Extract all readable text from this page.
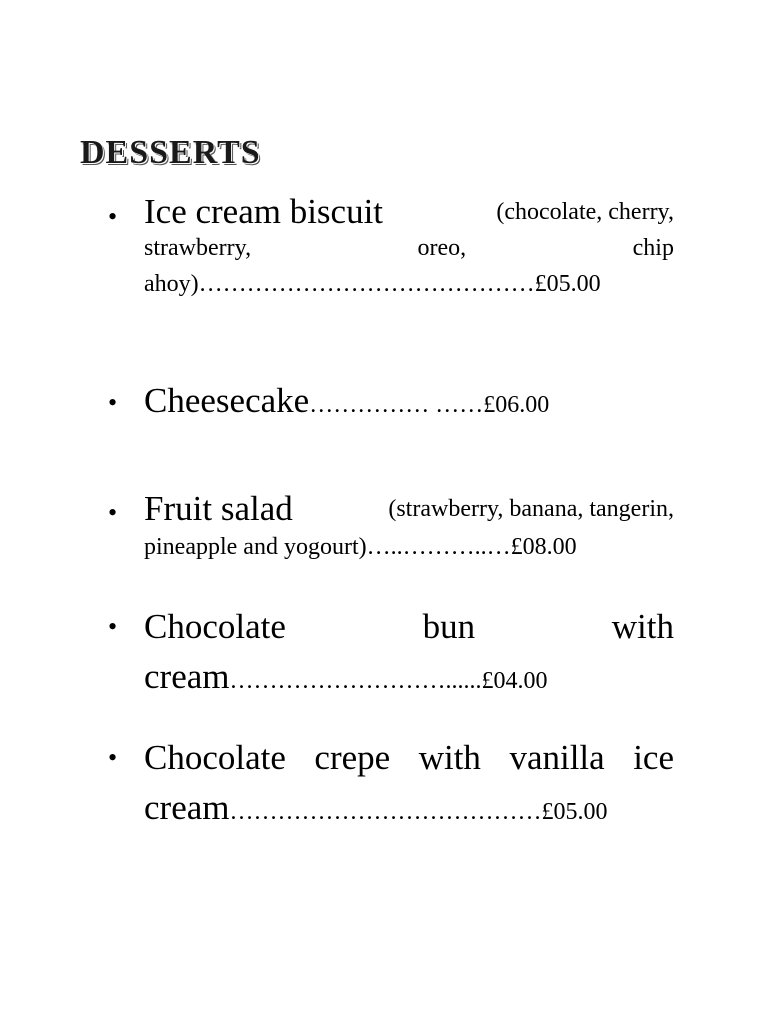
DESSERTS
• Ice cream biscuit	(chocolate, cherry,
strawberry,	oreo,	chip
ahoy)……………………………………£05.00
• Cheesecake…………… ……£06.00
• Fruit salad	(strawberry, banana, tangerin,
pineapple and yogourt)…..………..…£08.00
• Chocolate	bun	with
cream………………………......£04.00
• Chocolate crepe with vanilla ice
cream…………………………………£05.00
